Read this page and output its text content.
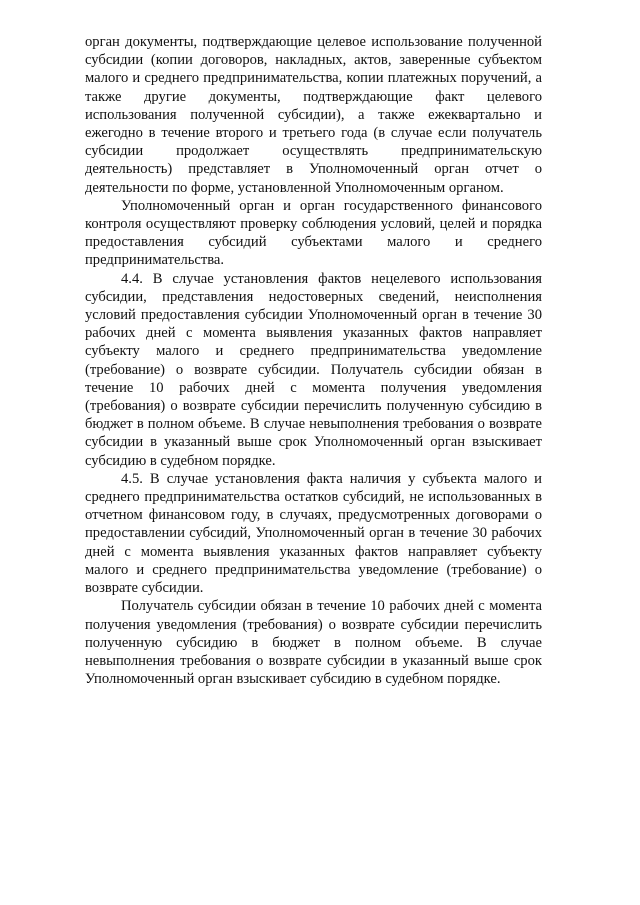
орган документы, подтверждающие целевое использование полученной субсидии (копии договоров, накладных, актов, заверенные субъектом малого и среднего предпринимательства, копии платежных поручений, а также другие документы, подтверждающие факт целевого использования полученной субсидии), а также ежеквартально и ежегодно в течение второго и третьего года (в случае если получатель субсидии продолжает осуществлять предпринимательскую деятельность) представляет в Уполномоченный орган отчет о деятельности по форме, установленной Уполномоченным органом.

Уполномоченный орган и орган государственного финансового контроля осуществляют проверку соблюдения условий, целей и порядка предоставления субсидий субъектами малого и среднего предпринимательства.

4.4. В случае установления фактов нецелевого использования субсидии, представления недостоверных сведений, неисполнения условий предоставления субсидии Уполномоченный орган в течение 30 рабочих дней с момента выявления указанных фактов направляет субъекту малого и среднего предпринимательства уведомление (требование) о возврате субсидии. Получатель субсидии обязан в течение 10 рабочих дней с момента получения уведомления (требования) о возврате субсидии перечислить полученную субсидию в бюджет в полном объеме. В случае невыполнения требования о возврате субсидии в указанный выше срок Уполномоченный орган взыскивает субсидию в судебном порядке.

4.5. В случае установления факта наличия у субъекта малого и среднего предпринимательства остатков субсидий, не использованных в отчетном финансовом году, в случаях, предусмотренных договорами о предоставлении субсидий, Уполномоченный орган в течение 30 рабочих дней с момента выявления указанных фактов направляет субъекту малого и среднего предпринимательства уведомление (требование) о возврате субсидии.

Получатель субсидии обязан в течение 10 рабочих дней с момента получения уведомления (требования) о возврате субсидии перечислить полученную субсидию в бюджет в полном объеме. В случае невыполнения требования о возврате субсидии в указанный выше срок Уполномоченный орган взыскивает субсидию в судебном порядке.
